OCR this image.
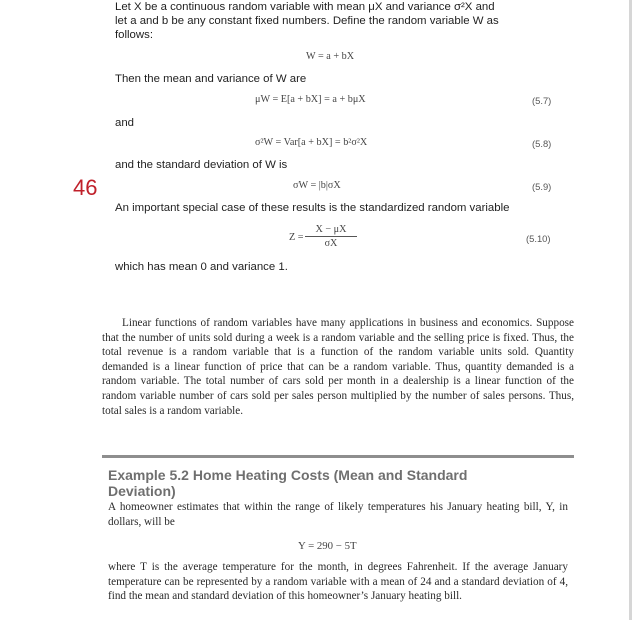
46
Let X be a continuous random variable with mean μX and variance σ²X and
let a and b be any constant fixed numbers. Define the random variable W as
follows:
W = a + bX
Then the mean and variance of W are
μW = E[a + bX] = a + bμX	(5.7)
and
σ²W = Var[a + bX] = b²σ²X	(5.8)
and the standard deviation of W is
σW = |b|σX	(5.9)
An important special case of these results is the standardized random variable
Z =
X − μX
σX	(5.10)
which has mean 0 and variance 1.
Linear functions of random variables have many applications in business and economics. Suppose that the number of units sold during a week is a random variable and the selling price is fixed. Thus, the total revenue is a random variable that is a function of the random variable units sold. Quantity demanded is a linear function of price that can be a random variable. Thus, quantity demanded is a random variable. The total number of cars sold per month in a dealership is a linear function of the random variable number of cars sold per sales person multiplied by the number of sales persons. Thus, total sales is a random variable.
Example 5.2 Home Heating Costs (Mean and Standard Deviation)
A homeowner estimates that within the range of likely temperatures his January heating bill, Y, in dollars, will be
Y = 290 − 5T
where T is the average temperature for the month, in degrees Fahrenheit. If the average January temperature can be represented by a random variable with a mean of 24 and a standard deviation of 4, find the mean and standard deviation of this homeowner’s January heating bill.
